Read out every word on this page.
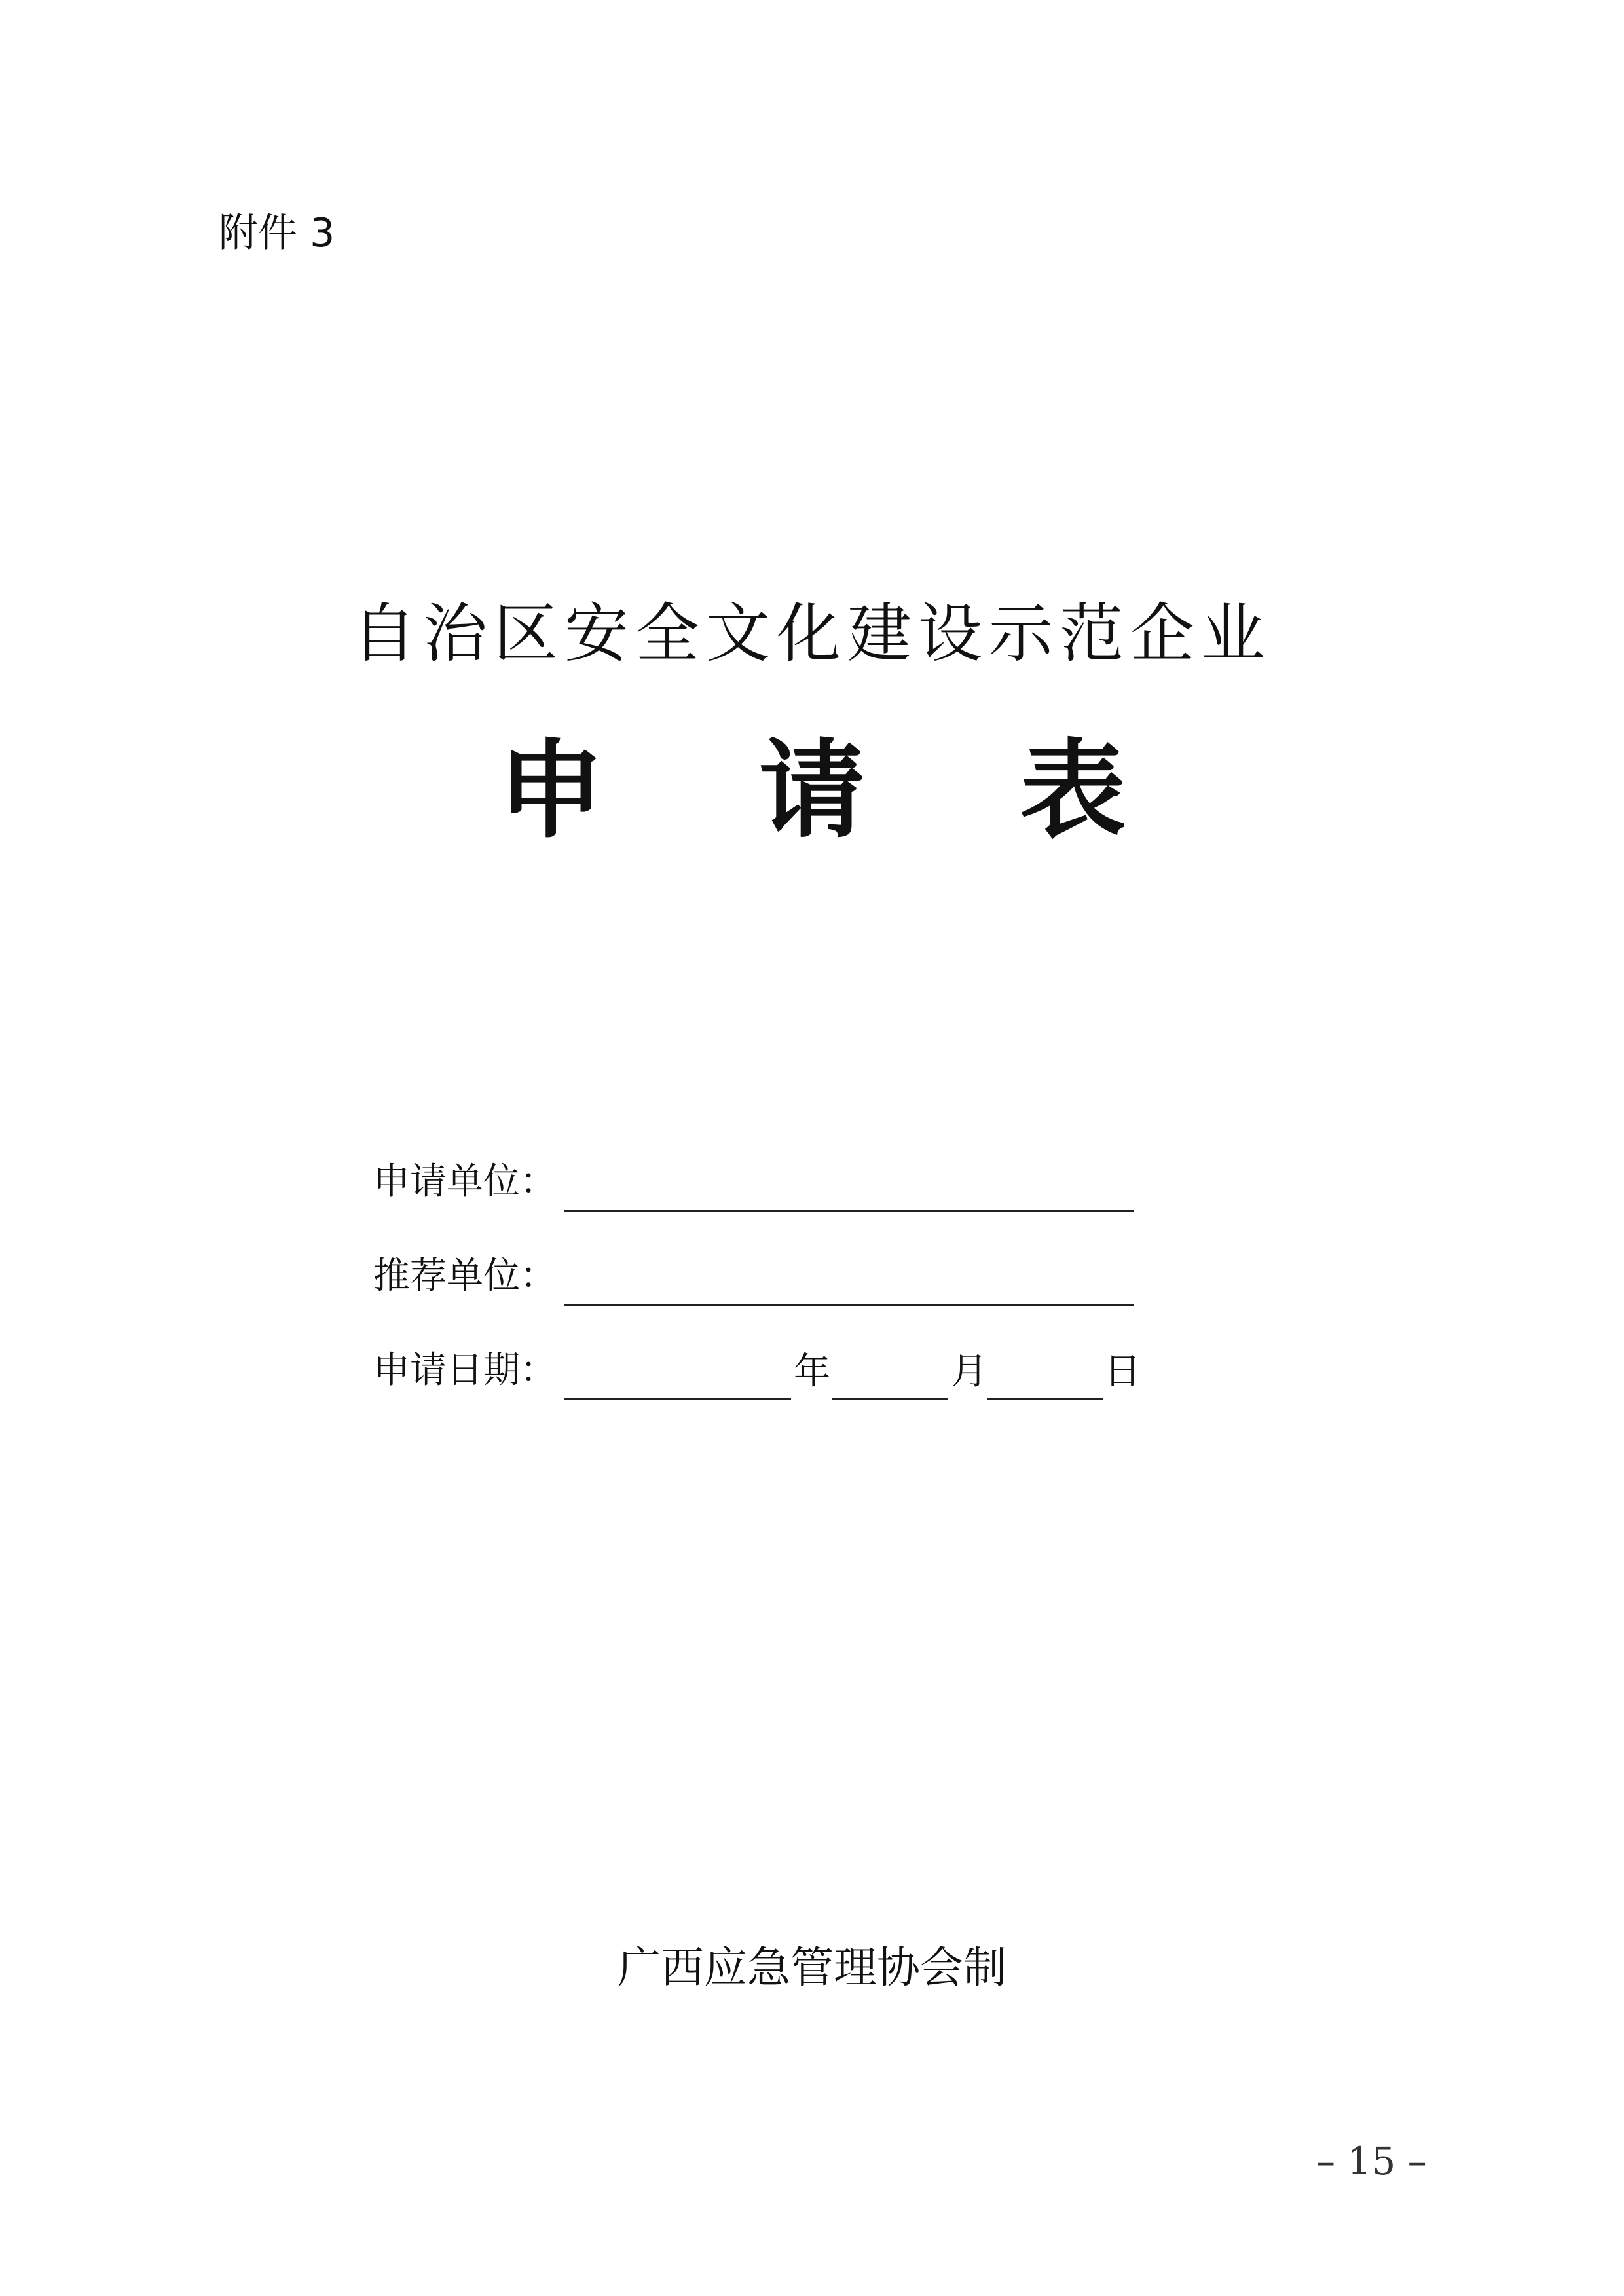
附件 3
自治区安全文化建设示范企业
申 请 表
申请单位：
推荐单位：
申请日期：	年	月	日
广西应急管理协会制
– 15 –
